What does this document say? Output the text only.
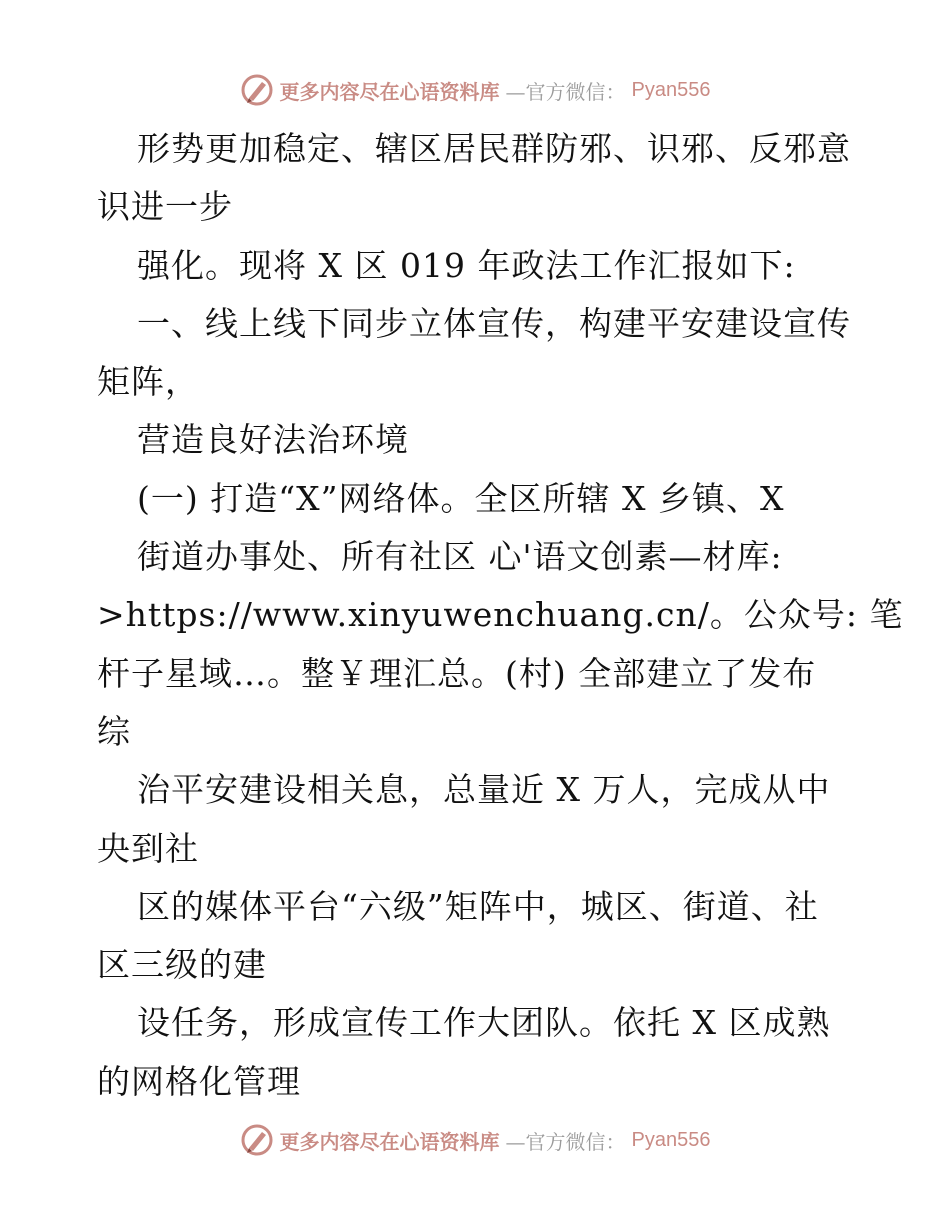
更多内容尽在心语资料库 —官方微信： Pyan556
形势更加稳定、辖区居民群防邪、识邪、反邪意
识进一步
强化。现将 X 区 019 年政法工作汇报如下:
一、线上线下同步立体宣传，构建平安建设宣传
矩阵，
营造良好法治环境
(一) 打造“X”网络体。全区所辖 X 乡镇、X
街道办事处、所有社区 心'语文创素—材库:
>https://www.xinyuwenchuang.cn/。公众号: 笔
杆子星域…。整￥理汇总。(村) 全部建立了发布
综
治平安建设相关息，总量近 X 万人，完成从中
央到社
区的媒体平台“六级”矩阵中，城区、街道、社
区三级的建
设任务，形成宣传工作大团队。依托 X 区成熟
的网格化管理
更多内容尽在心语资料库 —官方微信： Pyan556
